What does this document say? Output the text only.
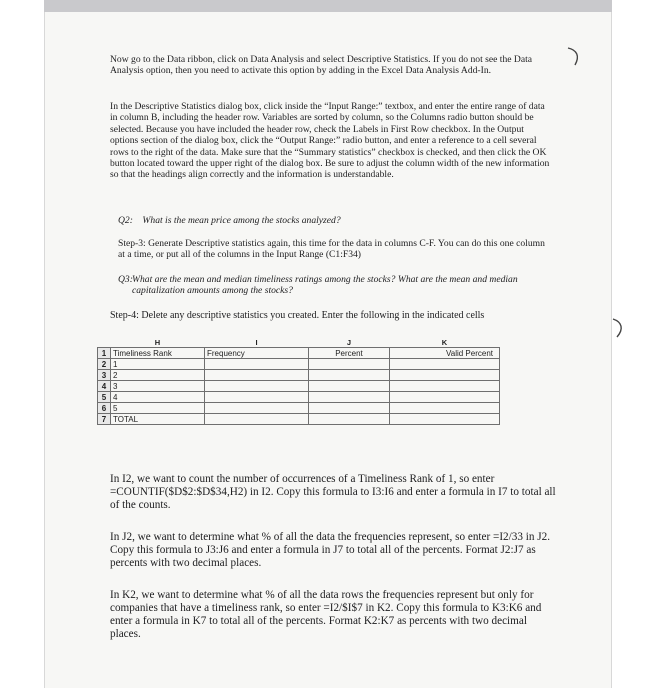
Now go to the Data ribbon, click on Data Analysis and select Descriptive Statistics. If you do not see the Data Analysis option, then you need to activate this option by adding in the Excel Data Analysis Add-In.
In the Descriptive Statistics dialog box, click inside the “Input Range:” textbox, and enter the entire range of data in column B, including the header row. Variables are sorted by column, so the Columns radio button should be selected. Because you have included the header row, check the Labels in First Row checkbox. In the Output options section of the dialog box, click the “Output Range:” radio button, and enter a reference to a cell several rows to the right of the data. Make sure that the “Summary statistics” checkbox is checked, and then click the OK button located toward the upper right of the dialog box. Be sure to adjust the column width of the new information so that the headings align correctly and the information is understandable.
Q2: What is the mean price among the stocks analyzed?
Step-3: Generate Descriptive statistics again, this time for the data in columns C-F. You can do this one column at a time, or put all of the columns in the Input Range (C1:F34)
Q3: What are the mean and median timeliness ratings among the stocks? What are the mean and median capitalization amounts among the stocks?
Step-4: Delete any descriptive statistics you created. Enter the following in the indicated cells
	H	I	J	K
1	Timeliness Rank	Frequency	Percent	Valid Percent
2	1			
3	2			
4	3			
5	4			
6	5			
7	TOTAL			
In I2, we want to count the number of occurrences of a Timeliness Rank of 1, so enter =COUNTIF($D$2:$D$34,H2) in I2. Copy this formula to I3:I6 and enter a formula in I7 to total all of the counts.
In J2, we want to determine what % of all the data the frequencies represent, so enter =I2/33 in J2. Copy this formula to J3:J6 and enter a formula in J7 to total all of the percents. Format J2:J7 as percents with two decimal places.
In K2, we want to determine what % of all the data rows the frequencies represent but only for companies that have a timeliness rank, so enter =I2/$I$7 in K2. Copy this formula to K3:K6 and enter a formula in K7 to total all of the percents. Format K2:K7 as percents with two decimal places.
